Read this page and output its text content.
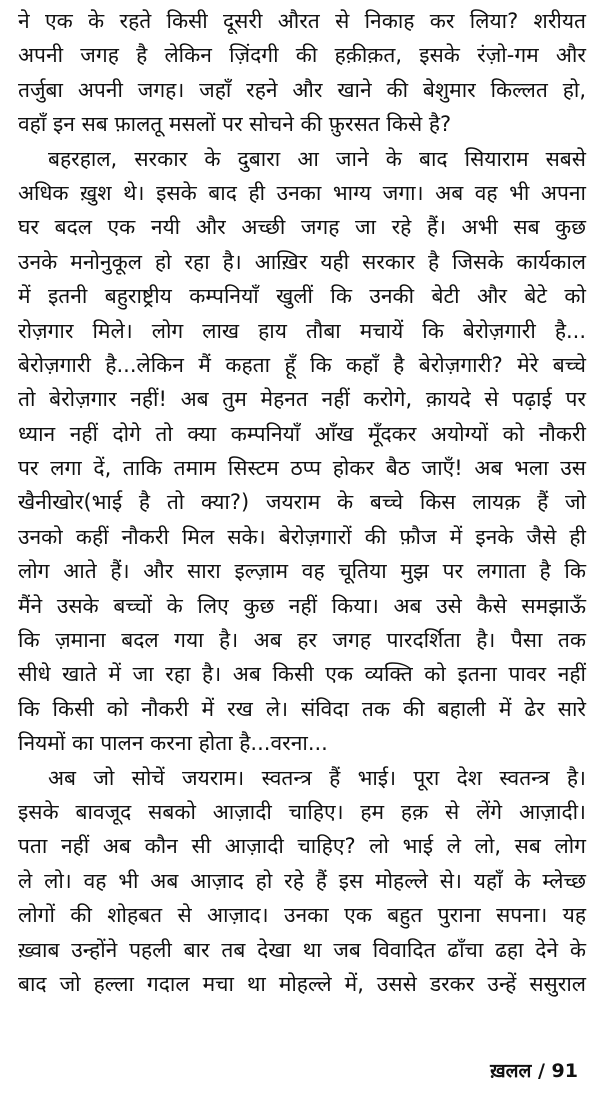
ने एक के रहते किसी दूसरी औरत से निकाह कर लिया? शरीयत
अपनी जगह है लेकिन ज़िंदगी की हक़ीक़त, इसके रंज़ो-गम और
तर्जुबा अपनी जगह। जहाँ रहने और खाने की बेशुमार किल्लत हो,
वहाँ इन सब फ़ालतू मसलों पर सोचने की फ़ुरसत किसे है?
बहरहाल, सरकार के दुबारा आ जाने के बाद सियाराम सबसे
अधिक ख़ुश थे। इसके बाद ही उनका भाग्य जगा। अब वह भी अपना
घर बदल एक नयी और अच्छी जगह जा रहे हैं। अभी सब कुछ
उनके मनोनुकूल हो रहा है। आख़िर यही सरकार है जिसके कार्यकाल
में इतनी बहुराष्ट्रीय कम्पनियाँ खुलीं कि उनकी बेटी और बेटे को
रोज़गार मिले। लोग लाख हाय तौबा मचायें कि बेरोज़गारी है...
बेरोज़गारी है...लेकिन मैं कहता हूँ कि कहाँ है बेरोज़गारी? मेरे बच्चे
तो बेरोज़गार नहीं! अब तुम मेहनत नहीं करोगे, क़ायदे से पढ़ाई पर
ध्यान नहीं दोगे तो क्या कम्पनियाँ आँख मूँदकर अयोग्यों को नौकरी
पर लगा दें, ताकि तमाम सिस्टम ठप्प होकर बैठ जाएँ! अब भला उस
खैनीखोर(भाई है तो क्या?) जयराम के बच्चे किस लायक़ हैं जो
उनको कहीं नौकरी मिल सके। बेरोज़गारों की फ़ौज में इनके जैसे ही
लोग आते हैं। और सारा इल्ज़ाम वह चूतिया मुझ पर लगाता है कि
मैंने उसके बच्चों के लिए कुछ नहीं किया। अब उसे कैसे समझाऊँ
कि ज़माना बदल गया है। अब हर जगह पारदर्शिता है। पैसा तक
सीधे खाते में जा रहा है। अब किसी एक व्यक्ति को इतना पावर नहीं
कि किसी को नौकरी में रख ले। संविदा तक की बहाली में ढेर सारे
नियमों का पालन करना होता है...वरना...
अब जो सोचें जयराम। स्वतन्त्र हैं भाई। पूरा देश स्वतन्त्र है।
इसके बावजूद सबको आज़ादी चाहिए। हम हक़ से लेंगे आज़ादी।
पता नहीं अब कौन सी आज़ादी चाहिए? लो भाई ले लो, सब लोग
ले लो। वह भी अब आज़ाद हो रहे हैं इस मोहल्ले से। यहाँ के म्लेच्छ
लोगों की शोहबत से आज़ाद। उनका एक बहुत पुराना सपना। यह
ख़्वाब उन्होंने पहली बार तब देखा था जब विवादित ढाँचा ढहा देने के
बाद जो हल्ला गदाल मचा था मोहल्ले में, उससे डरकर उन्हें ससुराल
ख़लल / 91
